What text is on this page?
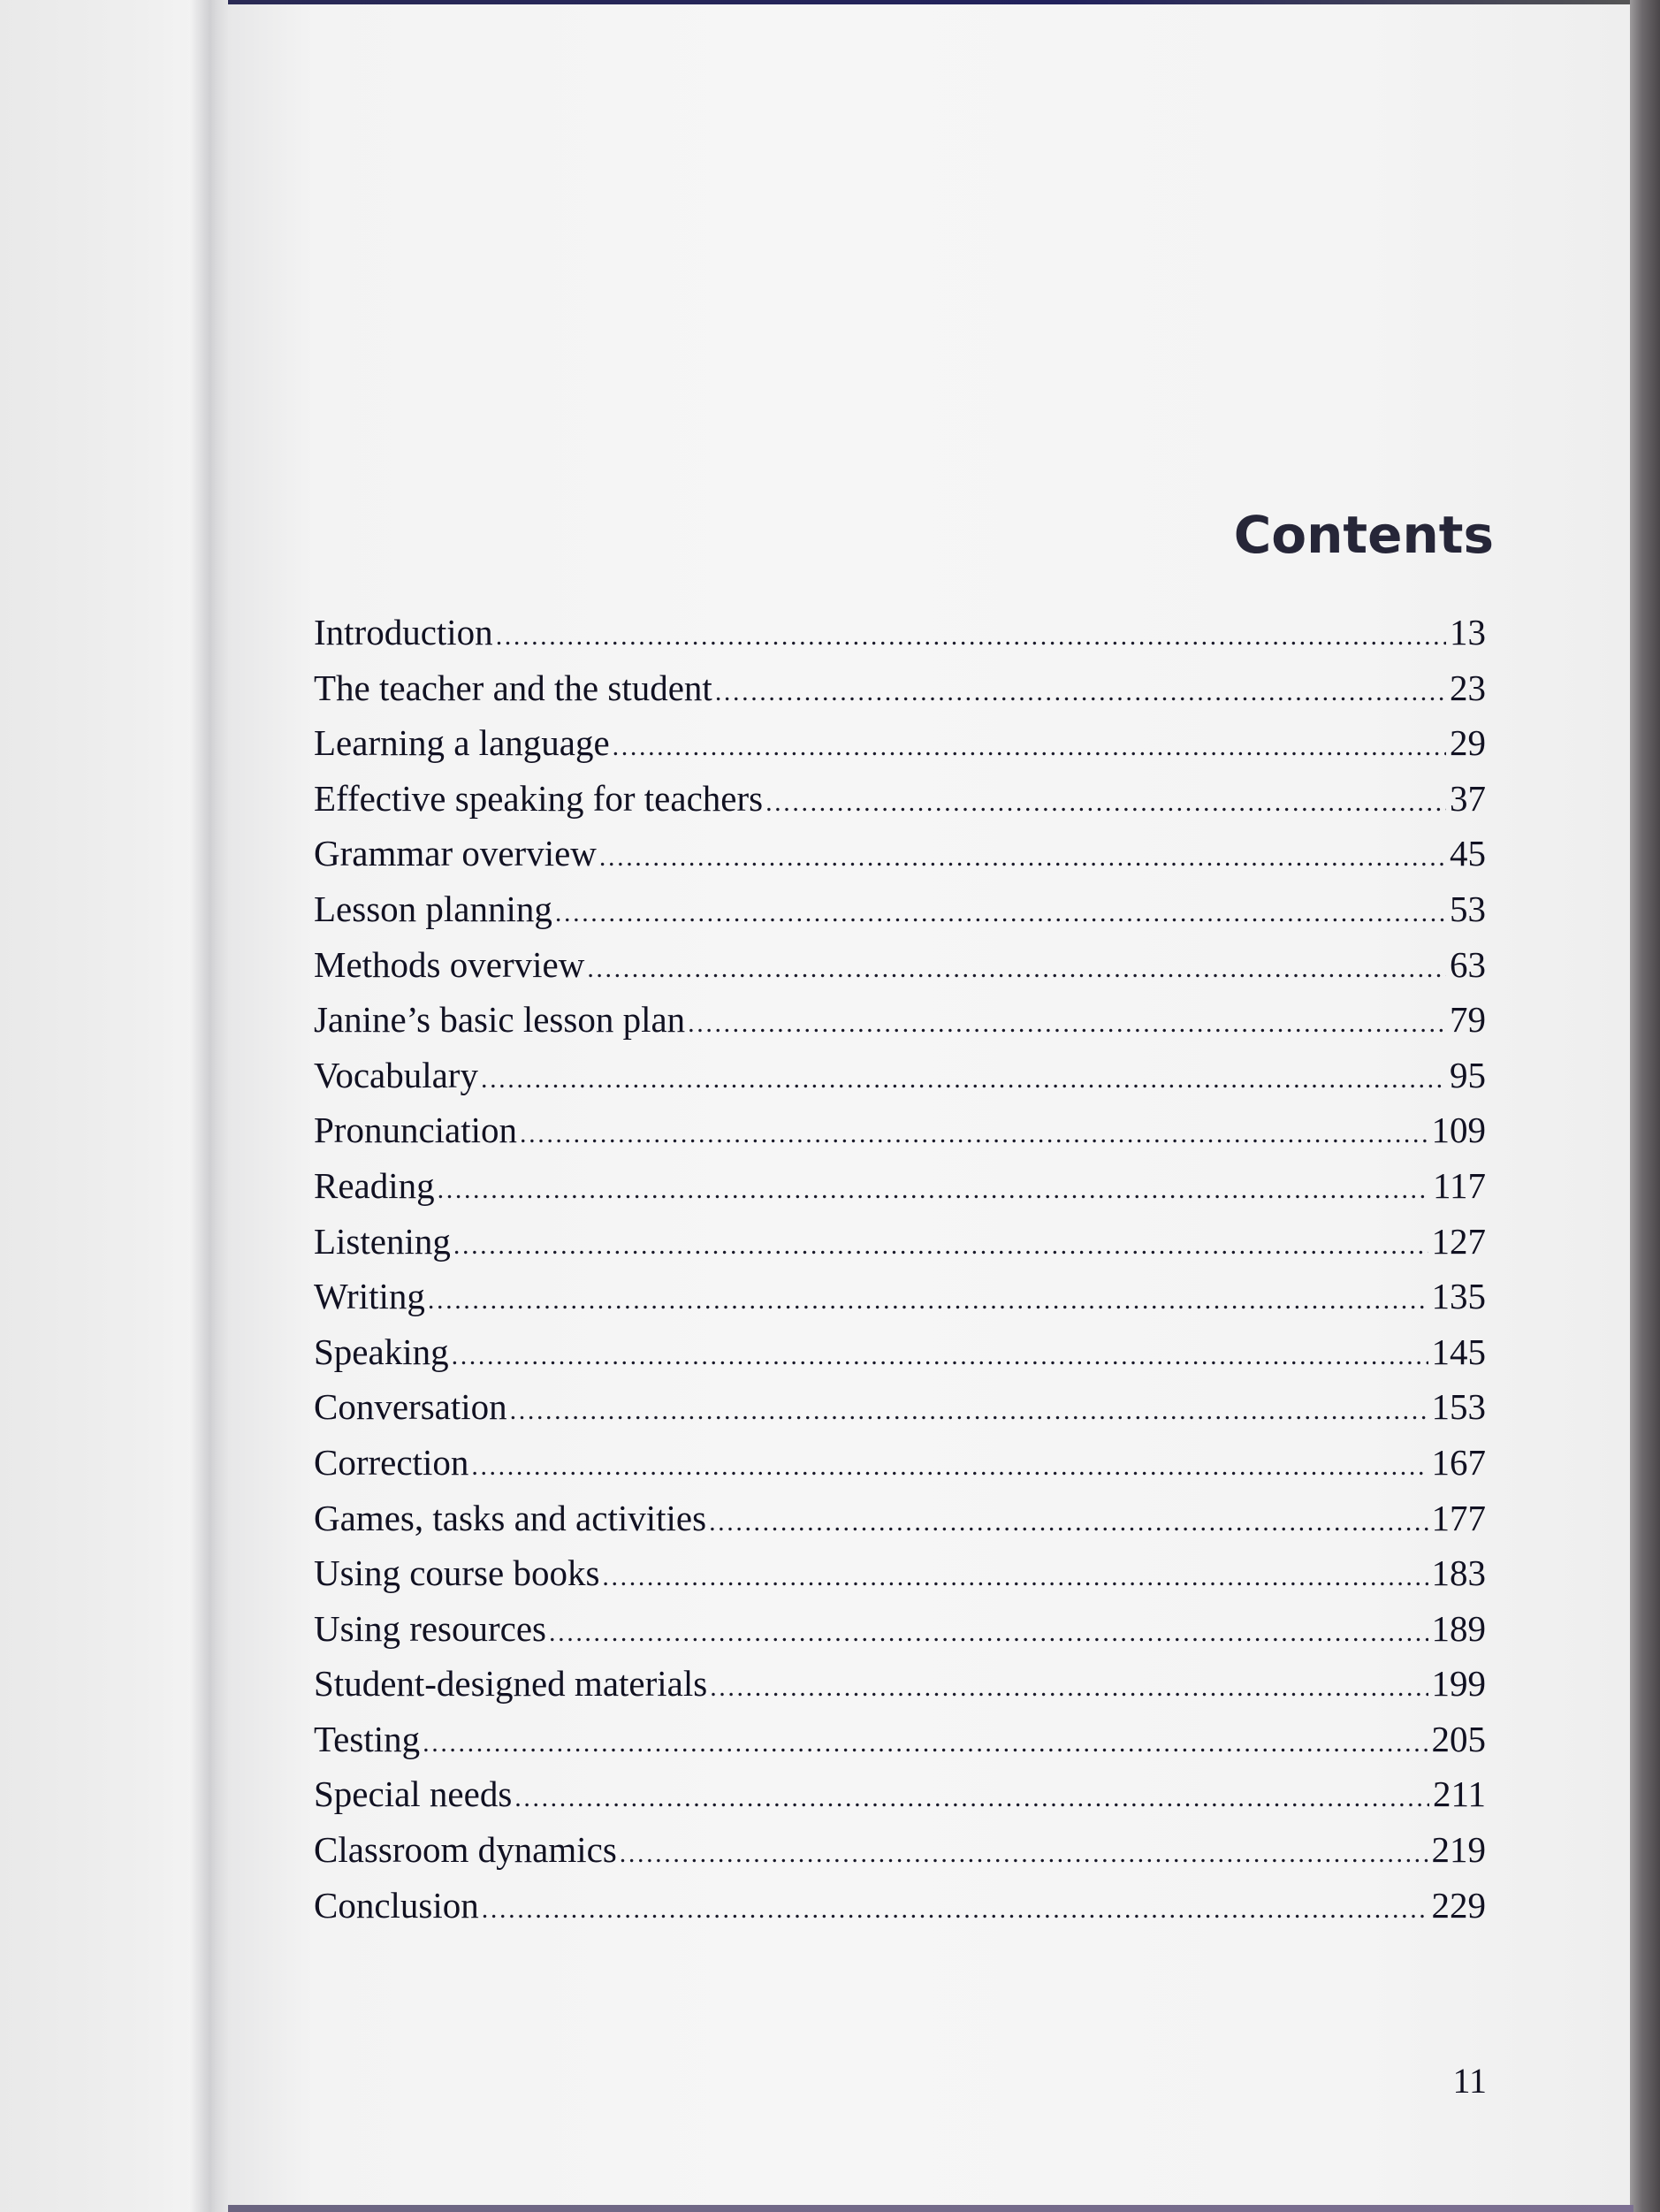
Contents
Introduction .....	13
The teacher and the student .....	23
Learning a language .....	29
Effective speaking for teachers .....	37
Grammar overview .....	45
Lesson planning .....	53
Methods overview .....	63
Janine’s basic lesson plan .....	79
Vocabulary .....	95
Pronunciation .....	109
Reading .....	117
Listening .....	127
Writing .....	135
Speaking .....	145
Conversation .....	153
Correction .....	167
Games, tasks and activities .....	177
Using course books .....	183
Using resources .....	189
Student-designed materials .....	199
Testing .....	205
Special needs .....	211
Classroom dynamics .....	219
Conclusion .....	229
11
